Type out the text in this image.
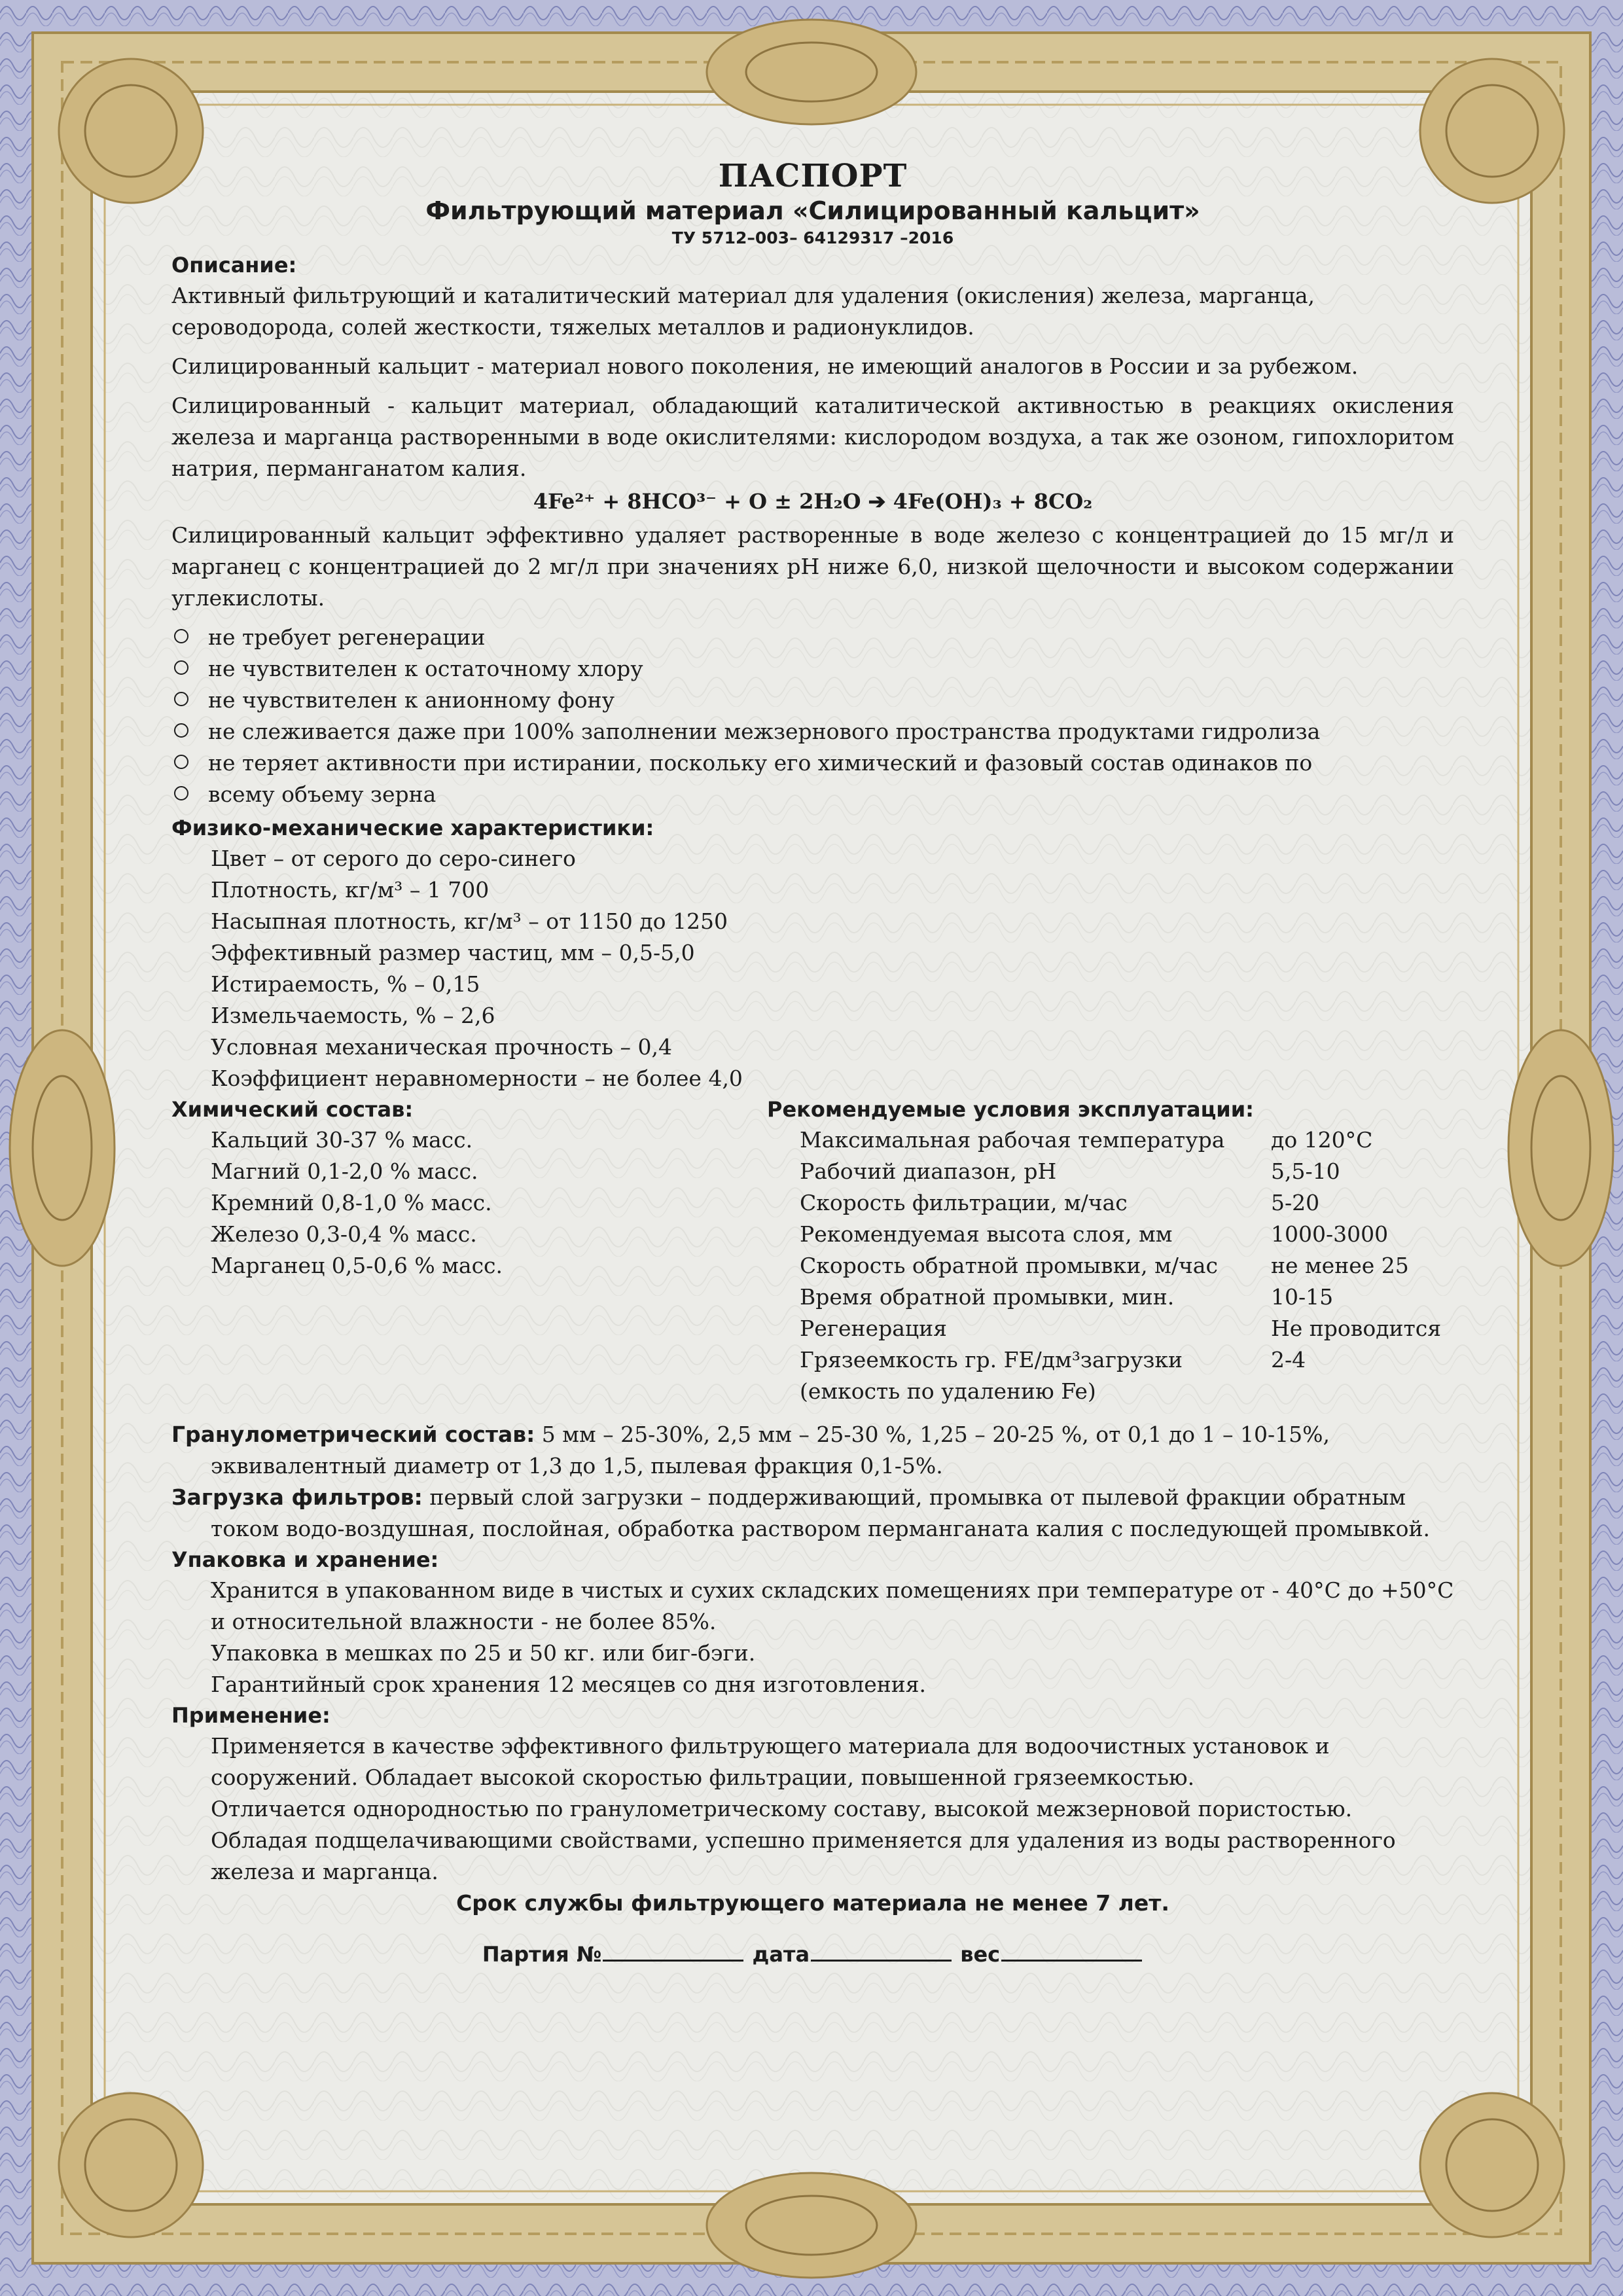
ПАСПОРТ
Фильтрующий материал «Силицированный кальцит»
ТУ 5712–003– 64129317 –2016
Описание:

Активный фильтрующий и каталитический материал для удаления (окисления) железа, марганца, сероводорода, солей жесткости, тяжелых металлов и радионуклидов.

Силицированный кальцит - материал нового поколения, не имеющий аналогов в России и за рубежом.

Силицированный - кальцит материал, обладающий каталитической активностью в реакциях окисления железа и марганца растворенными в воде окислителями: кислородом воздуха, а так же озоном, гипохлоритом натрия, перманганатом калия.

4Fe²⁺ + 8HCO³⁻ + O ± 2H₂O ➔ 4Fe(OH)₃ + 8CO₂

Силицированный кальцит эффективно удаляет растворенные в воде железо с концентрацией до 15 мг/л и марганец с концентрацией до 2 мг/л при значениях pH ниже 6,0, низкой щелочности и высоком содержании углекислоты.

не требует регенерации
не чувствителен к остаточному хлору
не чувствителен к анионному фону
не слеживается даже при 100% заполнении межзернового пространства продуктами гидролиза
не теряет активности при истирании, поскольку его химический и фазовый состав одинаков по
всему объему зерна
Физико-механические характеристики:
Цвет – от серого до серо-синего
Плотность, кг/м³ – 1 700
Насыпная плотность, кг/м³ – от 1150 до 1250
Эффективный размер частиц, мм – 0,5-5,0
Истираемость, % – 0,15
Измельчаемость, % – 2,6
Условная механическая прочность – 0,4
Коэффициент неравномерности – не более 4,0
Химический состав:
Кальций 30-37 % масс.
Магний 0,1-2,0 % масс.
Кремний 0,8-1,0 % масс.
Железо 0,3-0,4 % масс.
Марганец 0,5-0,6 % масс.
Рекомендуемые условия эксплуатации:
Максимальная рабочая температура	до 120°С
Рабочий диапазон, pH	5,5-10
Скорость фильтрации, м/час	5-20
Рекомендуемая высота слоя, мм	1000-3000
Скорость обратной промывки, м/час	не менее 25
Время обратной промывки, мин.	10-15
Регенерация	Не проводится
Грязеемкость гр. FE/дм³загрузки	2-4
(емкость по удалению Fe)	

Гранулометрический состав: 5 мм – 25-30%, 2,5 мм – 25-30 %, 1,25 – 20-25 %, от 0,1 до 1 – 10-15%, эквивалентный диаметр от 1,3 до 1,5, пылевая фракция 0,1-5%.

Загрузка фильтров: первый слой загрузки – поддерживающий, промывка от пылевой фракции обратным током водо-воздушная, послойная, обработка раствором перманганата калия с последующей промывкой.

Упаковка и хранение:

Хранится в упакованном виде в чистых и сухих складских помещениях при температуре от - 40°С до +50°С и относительной влажности - не более 85%.

Упаковка в мешках по 25 и 50 кг. или биг-бэги.

Гарантийный срок хранения 12 месяцев со дня изготовления.

Применение:

Применяется в качестве эффективного фильтрующего материала для водоочистных установок и сооружений. Обладает высокой скоростью фильтрации, повышенной грязеемкостью.

Отличается однородностью по гранулометрическому составу, высокой межзерновой пористостью. Обладая подщелачивающими свойствами, успешно применяется для удаления из воды растворенного железа и марганца.

Срок службы фильтрующего материала не менее 7 лет.
Партия №	дата	вес
